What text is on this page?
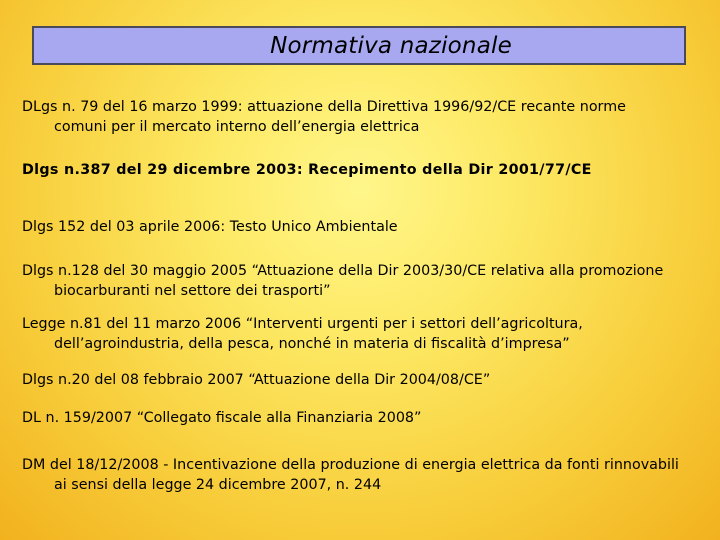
Normativa nazionale
DLgs n. 79 del 16 marzo 1999: attuazione della Direttiva 1996/92/CE recante norme
comuni per il mercato interno dell’energia elettrica
Dlgs n.387 del 29 dicembre 2003: Recepimento della Dir 2001/77/CE
Dlgs 152 del 03 aprile 2006: Testo Unico Ambientale
Dlgs n.128 del 30 maggio 2005 “Attuazione della Dir 2003/30/CE relativa alla promozione
biocarburanti nel settore dei trasporti”
Legge n.81 del 11 marzo 2006 “Interventi urgenti per i settori dell’agricoltura,
dell’agroindustria, della pesca, nonché in materia di fiscalità d’impresa”
Dlgs n.20 del 08 febbraio 2007 “Attuazione della Dir 2004/08/CE”
DL n. 159/2007 “Collegato fiscale alla Finanziaria 2008”
DM del 18/12/2008 - Incentivazione della produzione di energia elettrica da fonti rinnovabili
ai sensi della legge 24 dicembre 2007, n. 244
